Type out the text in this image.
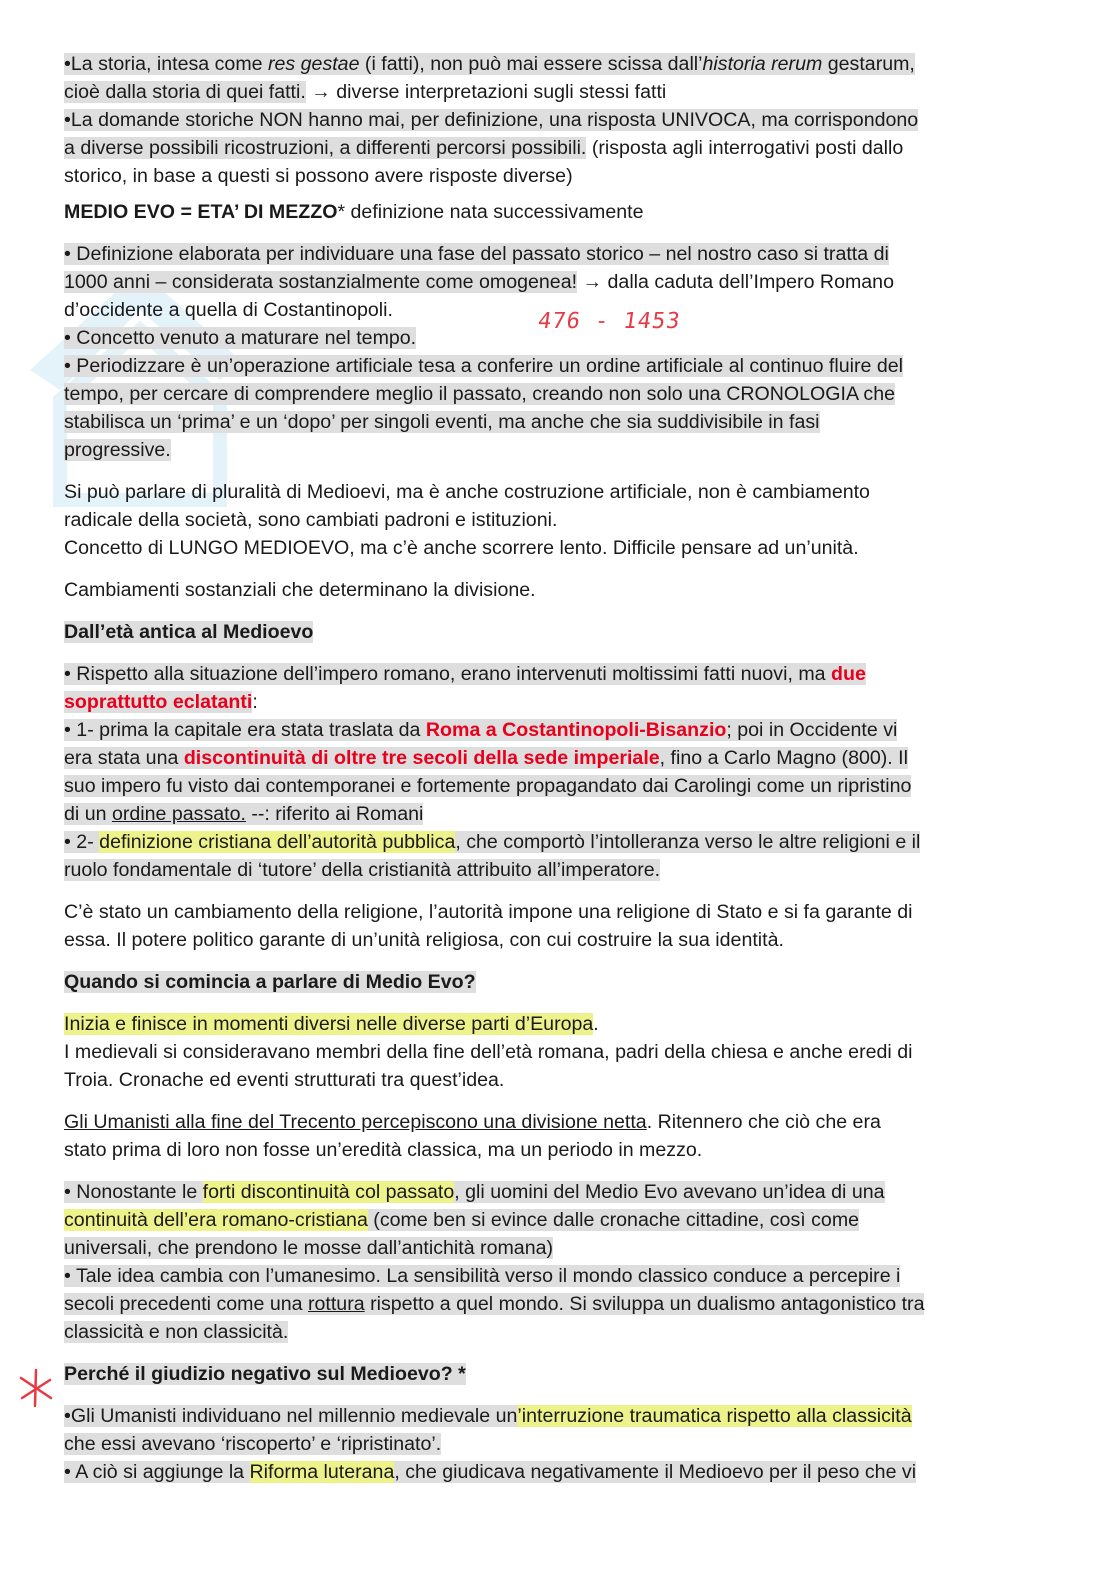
•La storia, intesa come res gestae (i fatti), non può mai essere scissa dall’historia rerum gestarum,
cioè dalla storia di quei fatti. → diverse interpretazioni sugli stessi fatti
•La domande storiche NON hanno mai, per definizione, una risposta UNIVOCA, ma corrispondono
a diverse possibili ricostruzioni, a differenti percorsi possibili. (risposta agli interrogativi posti dallo
storico, in base a questi si possono avere risposte diverse)

MEDIO EVO = ETA’ DI MEZZO* definizione nata successivamente

• Definizione elaborata per individuare una fase del passato storico – nel nostro caso si tratta di
1000 anni – considerata sostanzialmente come omogenea! → dalla caduta dell’Impero Romano
d’occidente a quella di Costantinopoli.
• Concetto venuto a maturare nel tempo.
• Periodizzare è un’operazione artificiale tesa a conferire un ordine artificiale al continuo fluire del
tempo, per cercare di comprendere meglio il passato, creando non solo una CRONOLOGIA che
stabilisca un ‘prima’ e un ‘dopo’ per singoli eventi, ma anche che sia suddivisibile in fasi
progressive.

Si può parlare di pluralità di Medioevi, ma è anche costruzione artificiale, non è cambiamento
radicale della società, sono cambiati padroni e istituzioni.
Concetto di LUNGO MEDIOEVO, ma c’è anche scorrere lento. Difficile pensare ad un’unità.

Cambiamenti sostanziali che determinano la divisione.

Dall’età antica al Medioevo

• Rispetto alla situazione dell’impero romano, erano intervenuti moltissimi fatti nuovi, ma due
soprattutto eclatanti:
• 1- prima la capitale era stata traslata da Roma a Costantinopoli-Bisanzio; poi in Occidente vi
era stata una discontinuità di oltre tre secoli della sede imperiale, fino a Carlo Magno (800). Il
suo impero fu visto dai contemporanei e fortemente propagandato dai Carolingi come un ripristino
di un ordine passato. --: riferito ai Romani
• 2- definizione cristiana dell’autorità pubblica, che comportò l’intolleranza verso le altre religioni e il
ruolo fondamentale di ‘tutore’ della cristianità attribuito all’imperatore.

C’è stato un cambiamento della religione, l’autorità impone una religione di Stato e si fa garante di
essa. Il potere politico garante di un’unità religiosa, con cui costruire la sua identità.

Quando si comincia a parlare di Medio Evo?

Inizia e finisce in momenti diversi nelle diverse parti d’Europa.
I medievali si consideravano membri della fine dell’età romana, padri della chiesa e anche eredi di
Troia. Cronache ed eventi strutturati tra quest’idea.

Gli Umanisti alla fine del Trecento percepiscono una divisione netta. Ritennero che ciò che era
stato prima di loro non fosse un’eredità classica, ma un periodo in mezzo.

• Nonostante le forti discontinuità col passato, gli uomini del Medio Evo avevano un’idea di una
continuità dell’era romano-cristiana (come ben si evince dalle cronache cittadine, così come
universali, che prendono le mosse dall’antichità romana)
• Tale idea cambia con l’umanesimo. La sensibilità verso il mondo classico conduce a percepire i
secoli precedenti come una rottura rispetto a quel mondo. Si sviluppa un dualismo antagonistico tra
classicità e non classicità.

Perché il giudizio negativo sul Medioevo? *

•Gli Umanisti individuano nel millennio medievale un’interruzione traumatica rispetto alla classicità
che essi avevano ‘riscoperto’ e ‘ripristinato’.
• A ciò si aggiunge la Riforma luterana, che giudicava negativamente il Medioevo per il peso che vi

476 - 1453
